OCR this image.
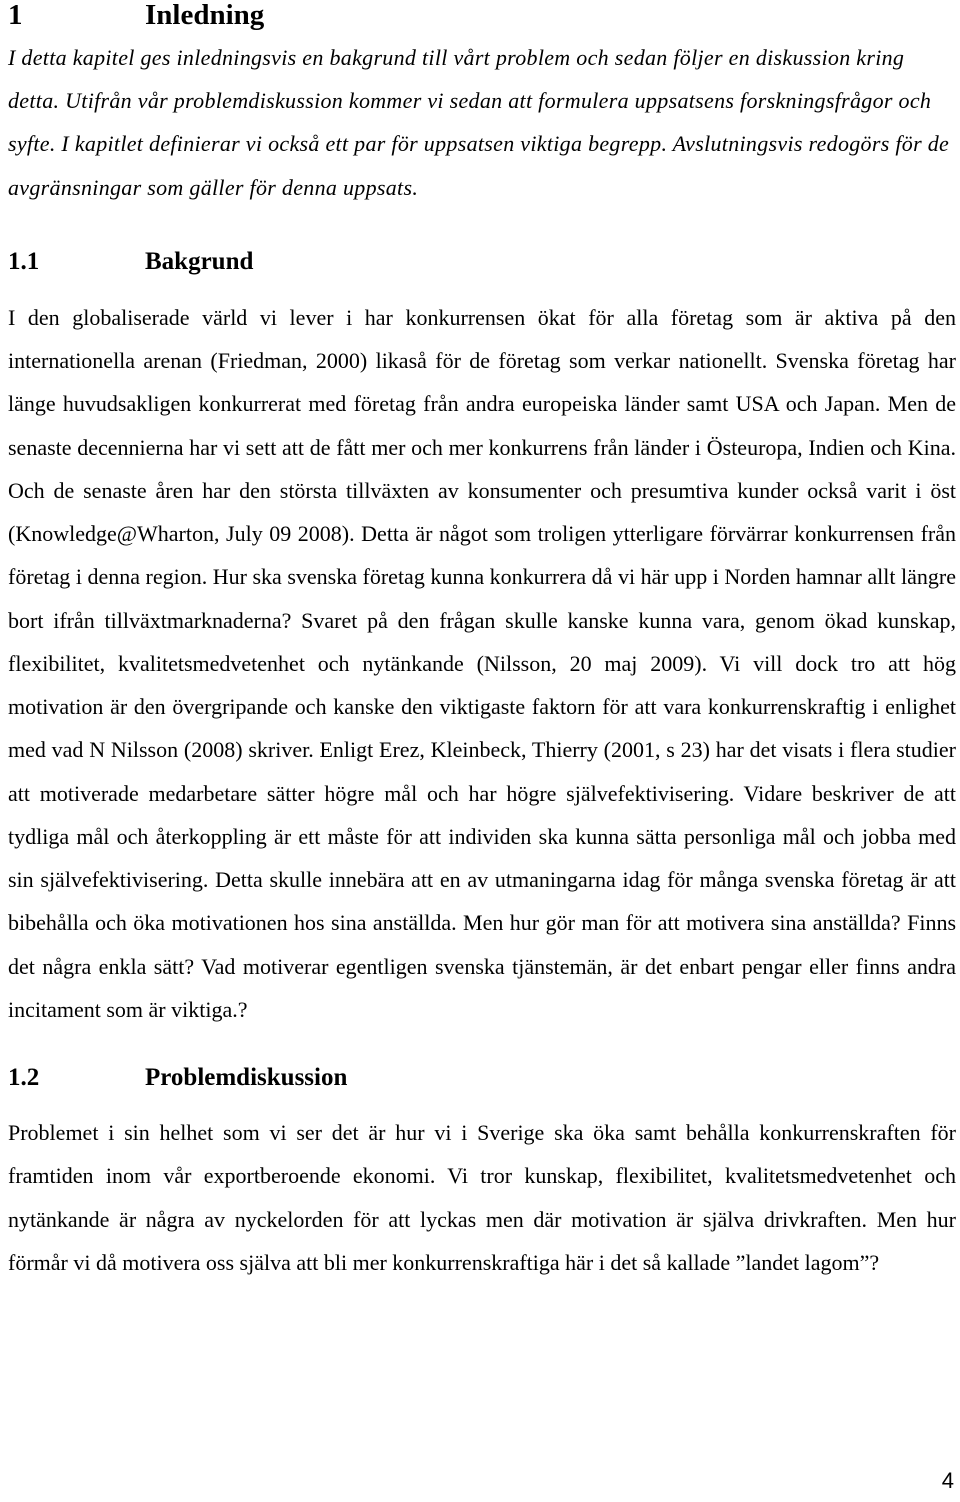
1	Inledning

I detta kapitel ges inledningsvis en bakgrund till vårt problem och sedan följer en diskussion kring detta. Utifrån vår problemdiskussion kommer vi sedan att formulera uppsatsens forskningsfrågor och syfte. I kapitlet definierar vi också ett par för uppsatsen viktiga begrepp. Avslutningsvis redogörs för de avgränsningar som gäller för denna uppsats.

1.1	Bakgrund

I den globaliserade värld vi lever i har konkurrensen ökat för alla företag som är aktiva på den internationella arenan (Friedman, 2000) likaså för de företag som verkar nationellt. Svenska företag har länge huvudsakligen konkurrerat med företag från andra europeiska länder samt USA och Japan. Men de senaste decennierna har vi sett att de fått mer och mer konkurrens från länder i Östeuropa, Indien och Kina. Och de senaste åren har den största tillväxten av konsumenter och presumtiva kunder också varit i öst (Knowledge@Wharton, July 09 2008). Detta är något som troligen ytterligare förvärrar konkurrensen från företag i denna region. Hur ska svenska företag kunna konkurrera då vi här upp i Norden hamnar allt längre bort ifrån tillväxtmarknaderna? Svaret på den frågan skulle kanske kunna vara, genom ökad kunskap, flexibilitet, kvalitetsmedvetenhet och nytänkande (Nilsson, 20 maj 2009). Vi vill dock tro att hög motivation är den övergripande och kanske den viktigaste faktorn för att vara konkurrenskraftig i enlighet med vad N Nilsson (2008) skriver. Enligt Erez, Kleinbeck, Thierry (2001, s 23) har det visats i flera studier att motiverade medarbetare sätter högre mål och har högre självefektivisering. Vidare beskriver de att tydliga mål och återkoppling är ett måste för att individen ska kunna sätta personliga mål och jobba med sin självefektivisering. Detta skulle innebära att en av utmaningarna idag för många svenska företag är att bibehålla och öka motivationen hos sina anställda. Men hur gör man för att motivera sina anställda? Finns det några enkla sätt? Vad motiverar egentligen svenska tjänstemän, är det enbart pengar eller finns andra incitament som är viktiga.?

1.2	Problemdiskussion

Problemet i sin helhet som vi ser det är hur vi i Sverige ska öka samt behålla konkurrenskraften för framtiden inom vår exportberoende ekonomi. Vi tror kunskap, flexibilitet, kvalitetsmedvetenhet och nytänkande är några av nyckelorden för att lyckas men där motivation är själva drivkraften. Men hur förmår vi då motivera oss själva att bli mer konkurrenskraftiga här i det så kallade ”landet lagom”?

4
